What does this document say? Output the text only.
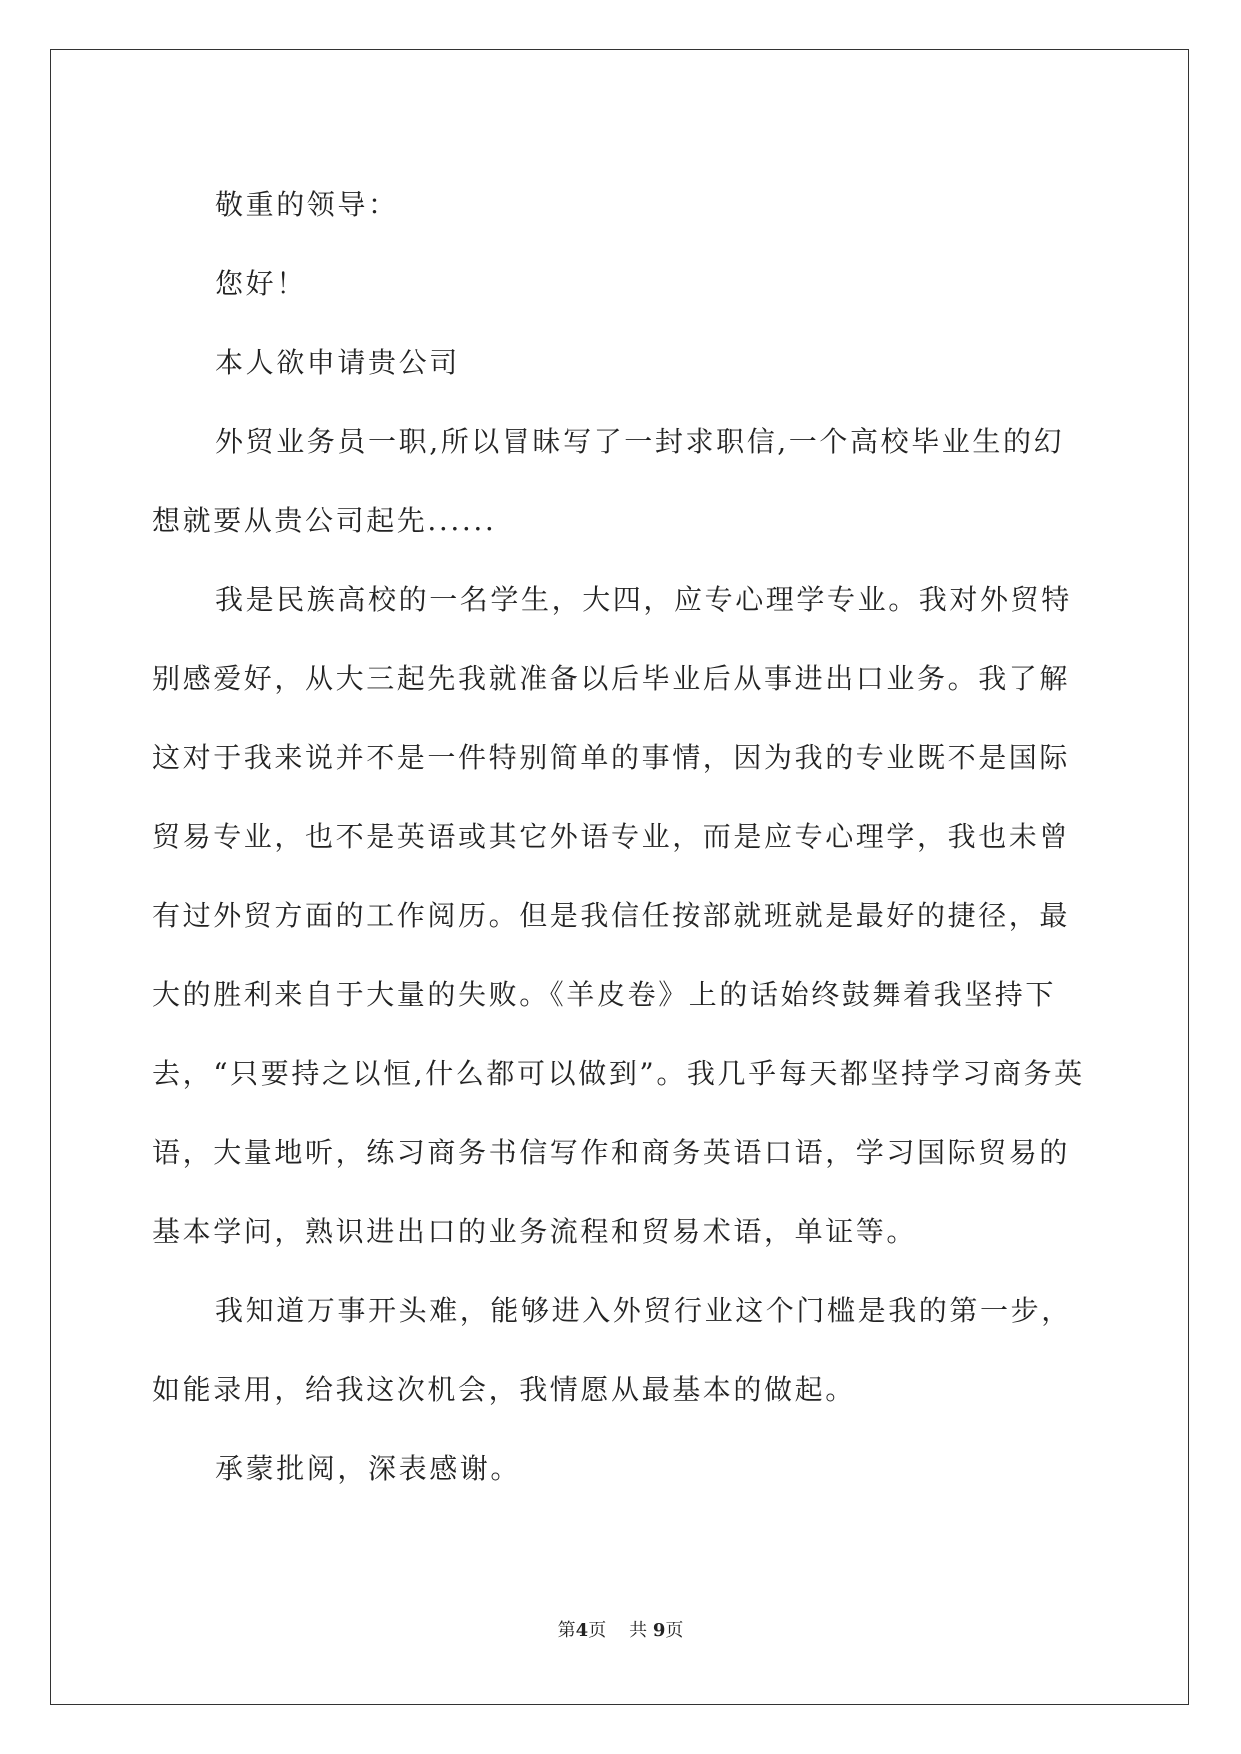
敬重的领导：

您好！

本人欲申请贵公司

外贸业务员一职,所以冒昧写了一封求职信,一个高校毕业生的幻想就要从贵公司起先......

我是民族高校的一名学生，大四，应专心理学专业。我对外贸特别感爱好，从大三起先我就准备以后毕业后从事进出口业务。我了解这对于我来说并不是一件特别简单的事情，因为我的专业既不是国际贸易专业，也不是英语或其它外语专业，而是应专心理学，我也未曾有过外贸方面的工作阅历。但是我信任按部就班就是最好的捷径，最大的胜利来自于大量的失败。《羊皮卷》上的话始终鼓舞着我坚持下去，“只要持之以恒,什么都可以做到”。我几乎每天都坚持学习商务英语，大量地听，练习商务书信写作和商务英语口语，学习国际贸易的基本学问，熟识进出口的业务流程和贸易术语，单证等。

我知道万事开头难，能够进入外贸行业这个门槛是我的第一步，如能录用，给我这次机会，我情愿从最基本的做起。

承蒙批阅，深表感谢。

第4页 共 9页
